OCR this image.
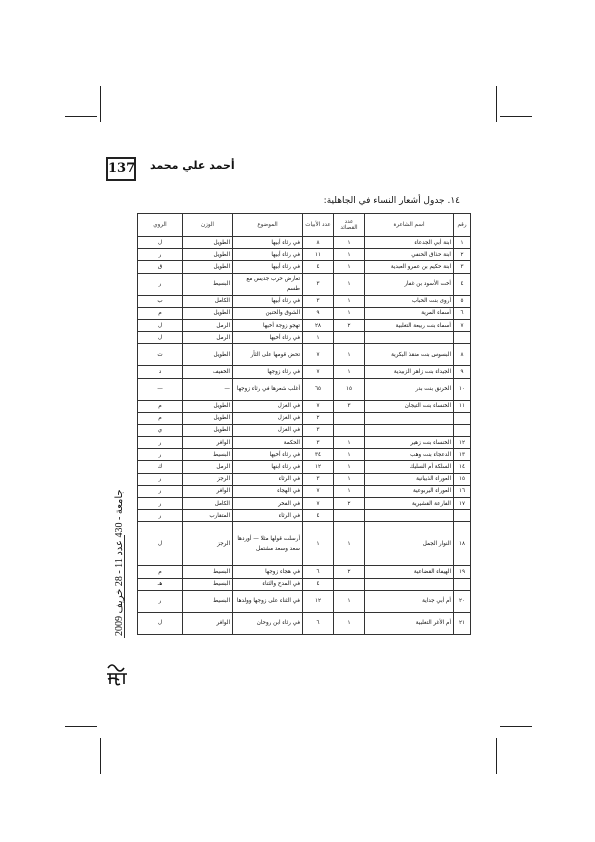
137 أحمد علي محمد
١٤. جدول أشعار النساء في الجاهلية:
رقم	اسم الشاعرة	عدد القصائد	عدد الأبيات	الموضوع	الوزن	الروي
١	ابنة أبي الجدعاء	١	٨	في رثاء أبيها	الطويل	ل
٢	ابنة حذاق الحنفي	١	١١	في رثاء أبيها	الطويل	ر
٣	ابنة حكيم بن عمرو العبدية	١	٤	في رثاء أبيها	الطويل	ق
٤	أخت الأسود بن غفار	١	٣	تعارض حرب جديس مع طسم	البسيط	ر
٥	أروى بنت الحباب	١	٣	في رثاء أبيها	الكامل	ب
٦	أسماء المرية	١	٩	الشوق والحنين	الطويل	م
٧	أسماء بنت ربيعة التغلبية	٢	٢٨	تهجو زوجة أخيها	الرمل	ل
			١	في رثاء أخيها	الرمل	ل
٨	البسوس بنت منقذ البكرية	١	٧	تحض قومها على الثأر	الطويل	ت
٩	الجيداء بنت زاهر الزبيدية	١	٧	في رثاء زوجها	الخفيف	د
١٠	الخرنق بنت بدر	١٥	٦٥	أغلب شعرها في رثاء زوجها	—	—
١١	الخنساء بنت التيجان	٣	٧	في الغزل	الطويل	م
			٢	في الغزل	الطويل	م
			٣	في الغزل	الطويل	ي
١٢	الخنساء بنت زهير	١	٣	الحكمة	الوافر	ر
١٣	الدعجاء بنت وهب	١	٣٤	في رثاء أخيها	البسيط	ر
١٤	السلكة أم السليك	١	١٢	في رثاء ابنها	الرمل	ك
١٥	العوراء الذبيانية	١	٣	في الرثاء	الرجز	ر
١٦	العوراء اليربوعية	١	٧	في الهجاء	الوافر	ر
١٧	الفارعة القشيرية	٢	٧	في الفخر	الكامل	ر
			٤	في الرثاء	المتقارب	ر
١٨	النوار الجمل	١	١	أرسلت قولها مثلا — أوردها سعد وسعد مشتمل	الرجز	ل
١٩	الهيفاء القضاعية	٢	٦	في هجاء زوجها	البسيط	م
			٤	في المدح والثناء	البسيط	هـ
٢٠	أم أبي جداية	١	١٢	في الثناء على زوجها وولدها	البسيط	ر
٢١	أم الأغر التغلبية	١	٦	في رثاء ابن روحان	الوافر	ل
2009 جامعة - 430 عدد 11 - 28 خريف
